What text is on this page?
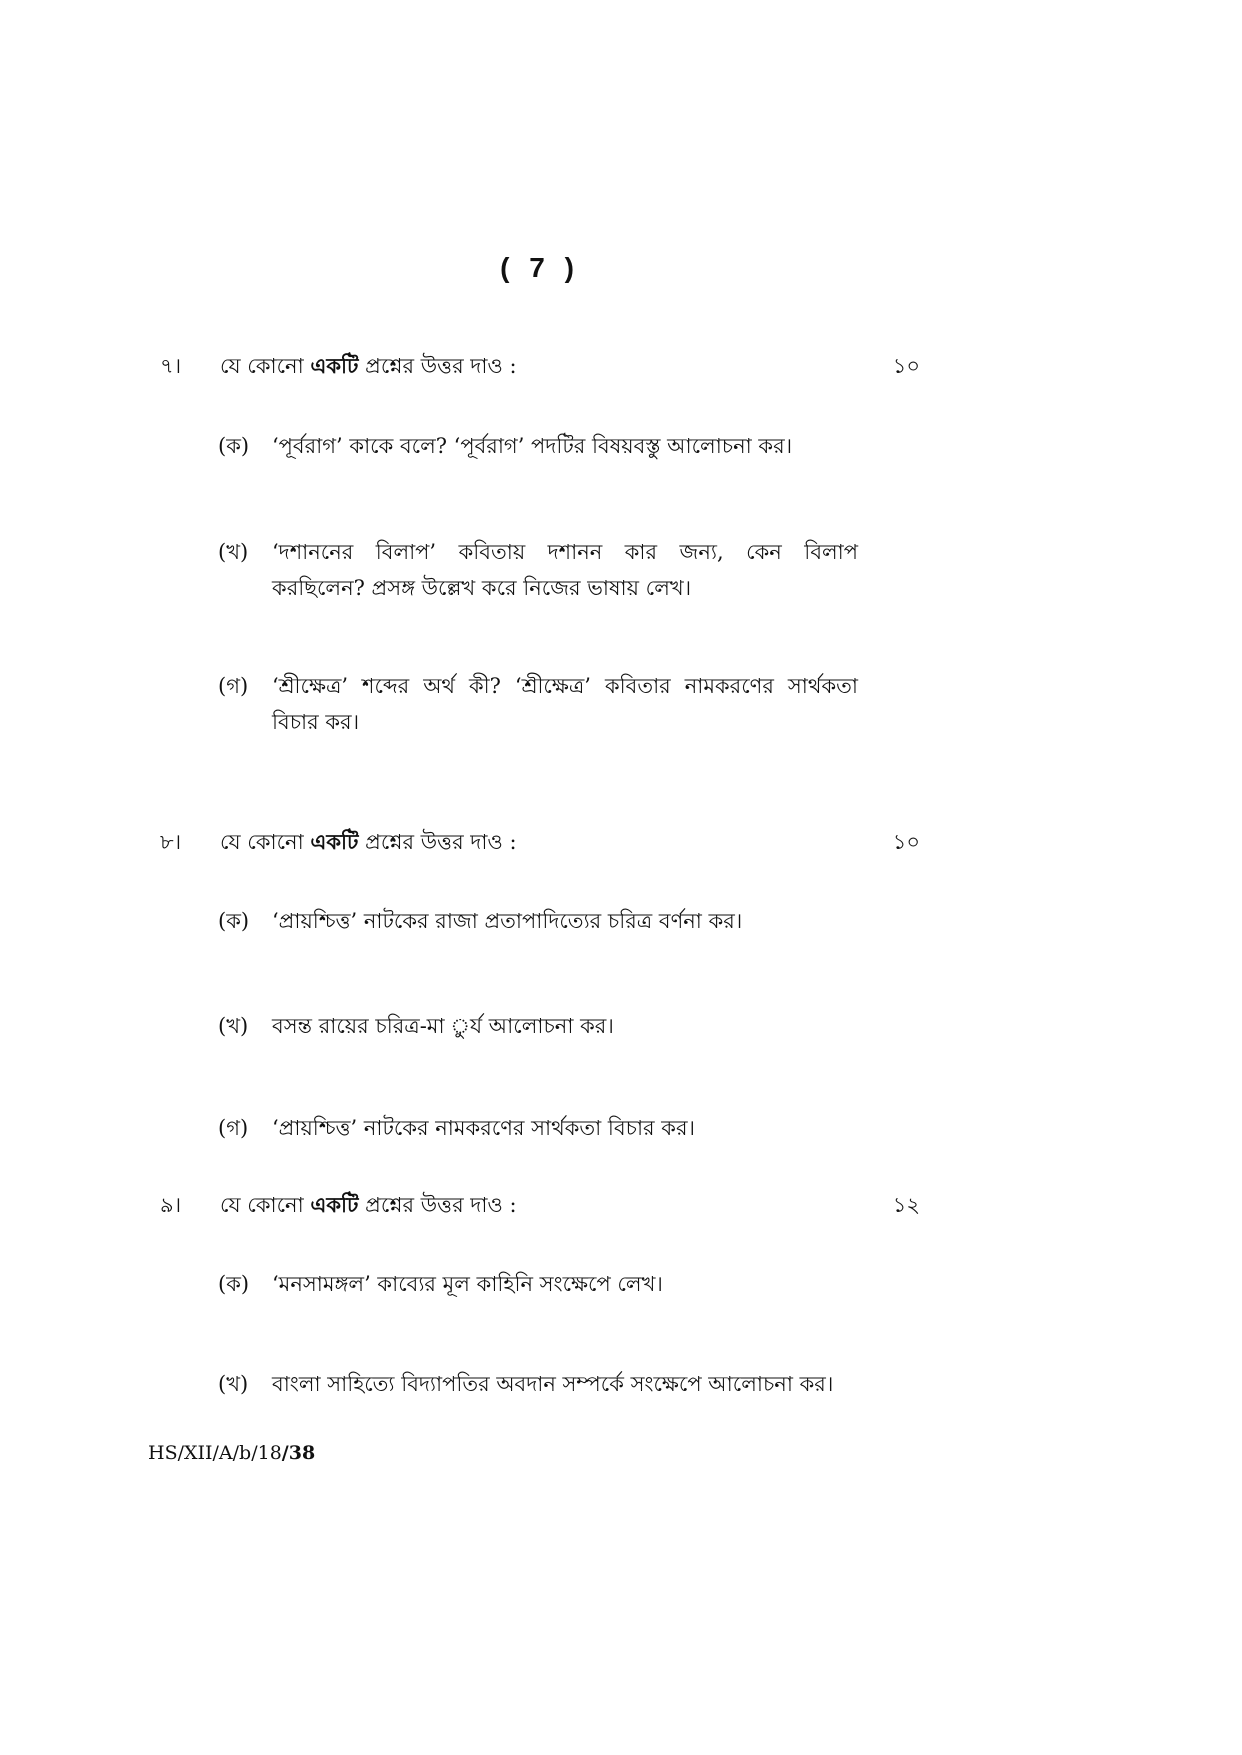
( 7 )
৭। যে কোনো একটি প্রশ্নের উত্তর দাও :	১০
(ক) ‘পূর্বরাগ’ কাকে বলে? ‘পূর্বরাগ’ পদটির বিষয়বস্তু আলোচনা কর।
(খ) ‘দশাননের বিলাপ’ কবিতায় দশানন কার জন্য, কেন বিলাপ
করছিলেন? প্রসঙ্গ উল্লেখ করে নিজের ভাষায় লেখ।
(গ) ‘শ্রীক্ষেত্র’ শব্দের অর্থ কী? ‘শ্রীক্ষেত্র’ কবিতার নামকরণের সার্থকতা
বিচার কর।
৮। যে কোনো একটি প্রশ্নের উত্তর দাও :	১০
(ক) ‘প্রায়শ্চিত্ত’ নাটকের রাজা প্রতাপাদিত্যের চরিত্র বর্ণনা কর।
(খ) বসন্ত রায়ের চরিত্র-মা ুর্য আলোচনা কর।
(গ) ‘প্রায়শ্চিত্ত’ নাটকের নামকরণের সার্থকতা বিচার কর।
৯। যে কোনো একটি প্রশ্নের উত্তর দাও :	১২
(ক) ‘মনসামঙ্গল’ কাব্যের মূল কাহিনি সংক্ষেপে লেখ।
(খ) বাংলা সাহিত্যে বিদ্যাপতির অবদান সম্পর্কে সংক্ষেপে আলোচনা কর।
HS/XII/A/b/18/38
